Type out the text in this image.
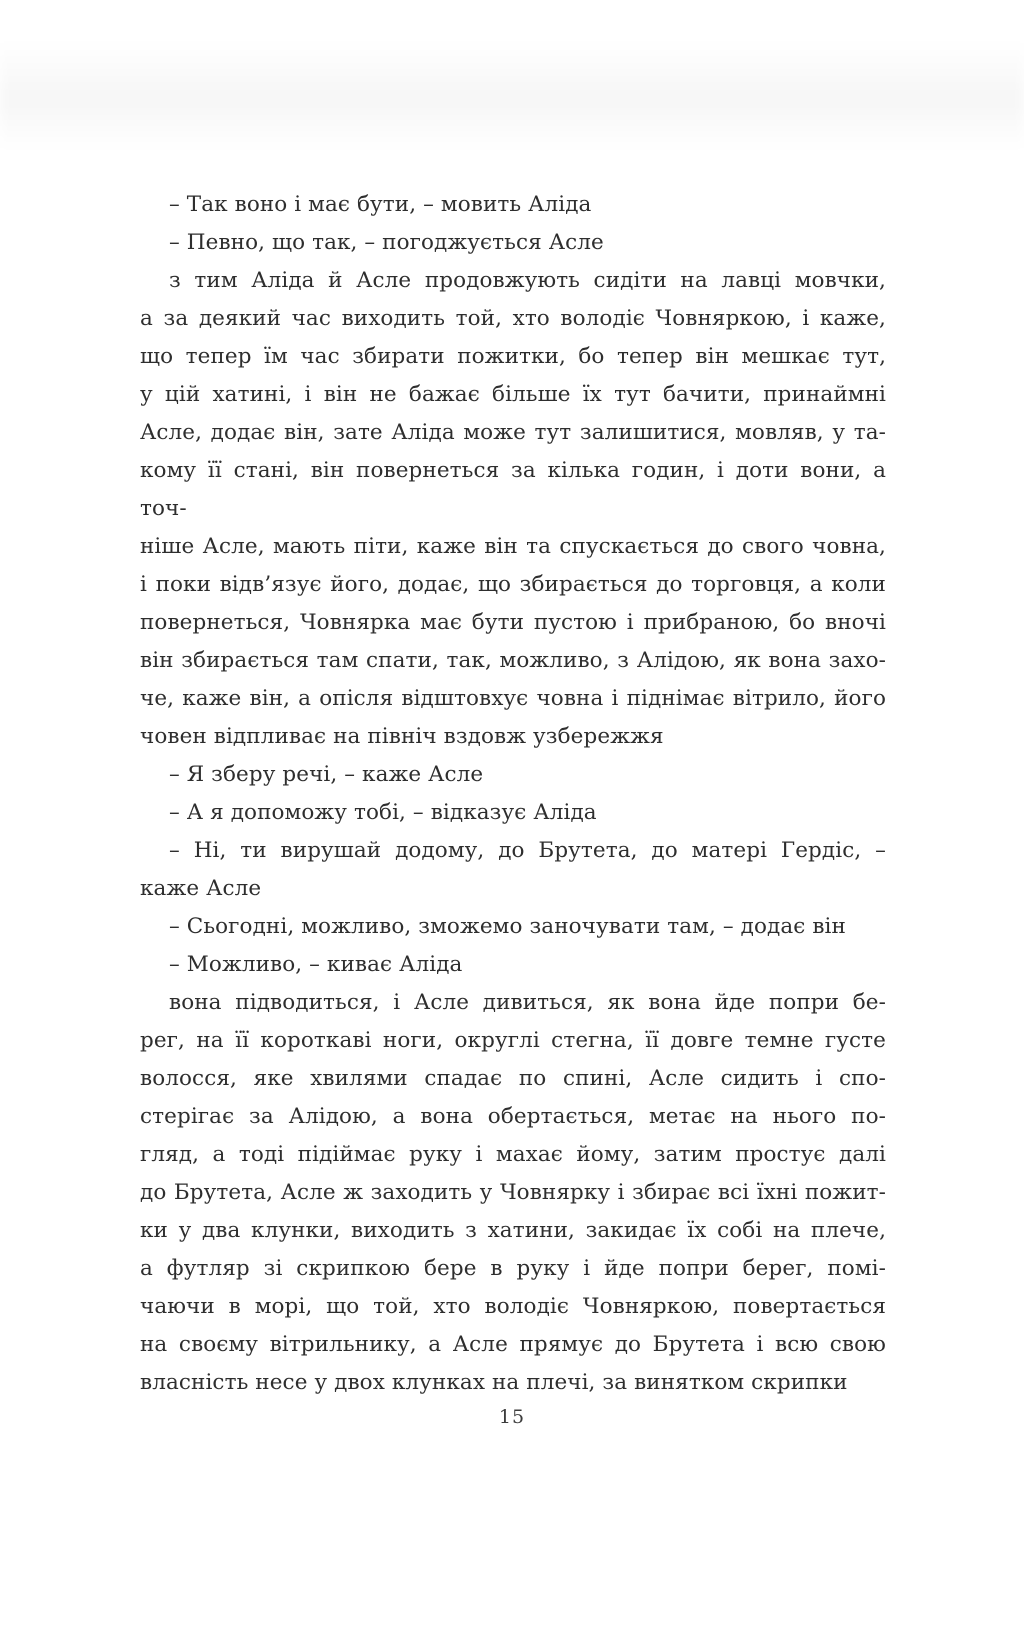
– Так воно і має бути, – мовить Аліда
– Певно, що так, – погоджується Асле
з тим Аліда й Асле продовжують сидіти на лавці мовчки,
а за деякий час виходить той, хто володіє Човняркою, і каже,
що тепер їм час збирати пожитки, бо тепер він мешкає тут,
у цій хатині, і він не бажає більше їх тут бачити, принаймні
Асле, додає він, зате Аліда може тут залишитися, мовляв, у та-
кому її стані, він повернеться за кілька годин, і доти вони, а точ-
ніше Асле, мають піти, каже він та спускається до свого човна,
і поки відв’язує його, додає, що збирається до торговця, а коли
повернеться, Човнярка має бути пустою і прибраною, бо вночі
він збирається там спати, так, можливо, з Алідою, як вона захо-
че, каже він, а опісля відштовхує човна і піднімає вітрило, його
човен відпливає на північ вздовж узбережжя
– Я зберу речі, – каже Асле
– А я допоможу тобі, – відказує Аліда
– Ні, ти вирушай додому, до Брутета, до матері Гердіс, –
каже Асле
– Сьогодні, можливо, зможемо заночувати там, – додає він
– Можливо, – киває Аліда
вона підводиться, і Асле дивиться, як вона йде попри бе-
рег, на її короткаві ноги, округлі стегна, її довге темне густе
волосся, яке хвилями спадає по спині, Асле сидить і спо-
стерігає за Алідою, а вона обертається, метає на нього по-
гляд, а тоді підіймає руку і махає йому, затим простує далі
до Брутета, Асле ж заходить у Човнярку і збирає всі їхні пожит-
ки у два клунки, виходить з хатини, закидає їх собі на плече,
а футляр зі скрипкою бере в руку і йде попри берег, помі-
чаючи в морі, що той, хто володіє Човняркою, повертається
на своєму вітрильнику, а Асле прямує до Брутета і всю свою
власність несе у двох клунках на плечі, за винятком скрипки
15
